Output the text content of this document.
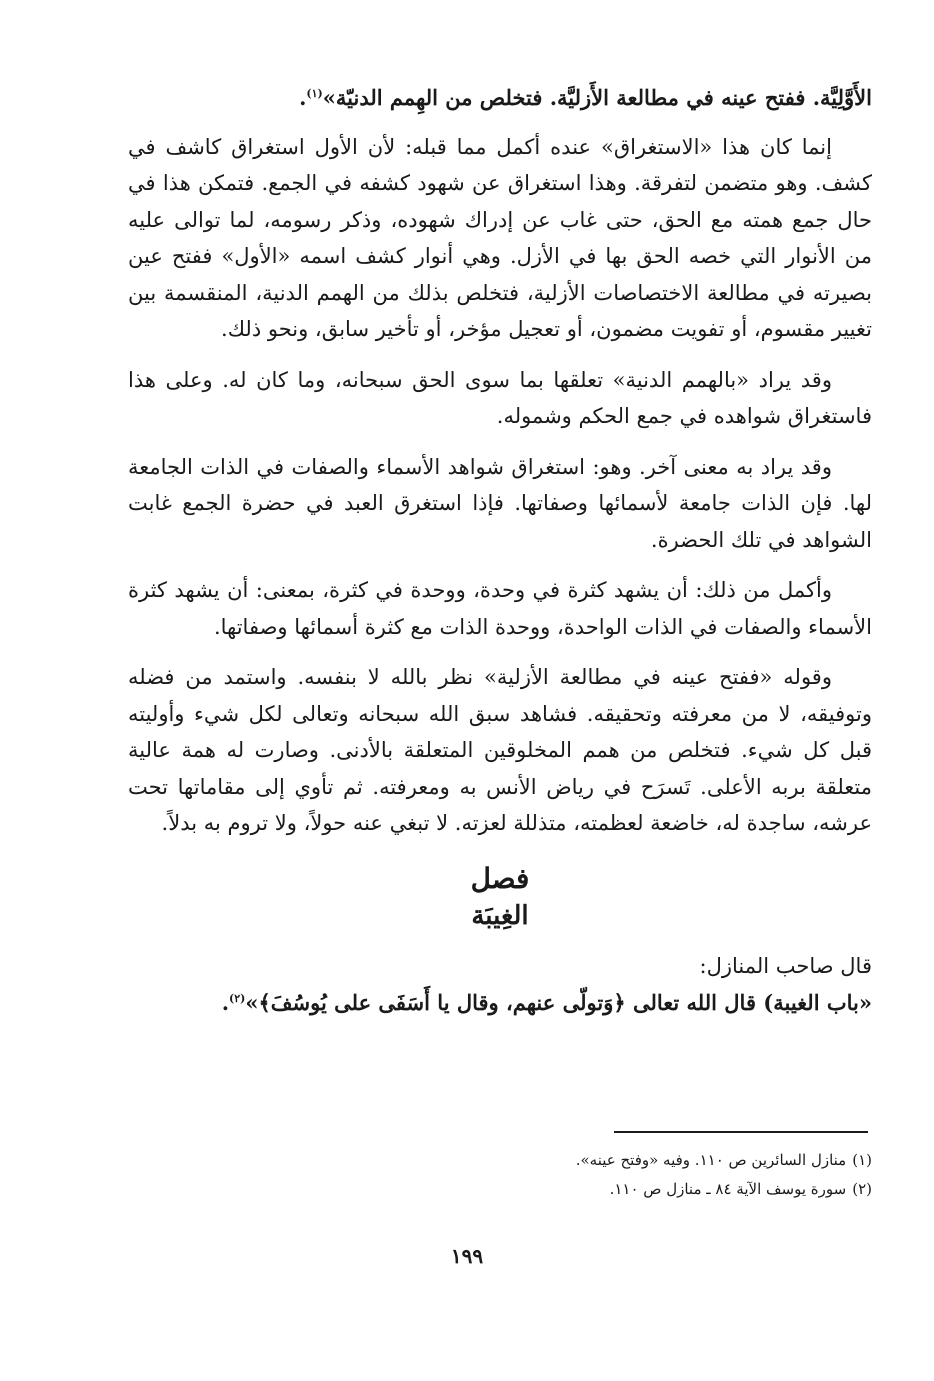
الأَوَّلِيَّة. ففتح عينه في مطالعة الأَزليَّة. فتخلص من الهِمم الدنيّة»$^{(١)}$.

إنما كان هذا «الاستغراق» عنده أكمل مما قبله: لأن الأول استغراق كاشف في كشف. وهو متضمن لتفرقة. وهذا استغراق عن شهود كشفه في الجمع. فتمكن هذا في حال جمع همته مع الحق، حتى غاب عن إدراك شهوده، وذكر رسومه، لما توالى عليه من الأنوار التي خصه الحق بها في الأزل. وهي أنوار كشف اسمه «الأول» ففتح عين بصيرته في مطالعة الاختصاصات الأزلية، فتخلص بذلك من الهمم الدنية، المنقسمة بين تغيير مقسوم، أو تفويت مضمون، أو تعجيل مؤخر، أو تأخير سابق، ونحو ذلك.

وقد يراد «بالهمم الدنية» تعلقها بما سوى الحق سبحانه، وما كان له. وعلى هذا فاستغراق شواهده في جمع الحكم وشموله.

وقد يراد به معنى آخر. وهو: استغراق شواهد الأسماء والصفات في الذات الجامعة لها. فإن الذات جامعة لأسمائها وصفاتها. فإذا استغرق العبد في حضرة الجمع غابت الشواهد في تلك الحضرة.

وأكمل من ذلك: أن يشهد كثرة في وحدة، ووحدة في كثرة، بمعنى: أن يشهد كثرة الأسماء والصفات في الذات الواحدة، ووحدة الذات مع كثرة أسمائها وصفاتها.

وقوله «ففتح عينه في مطالعة الأزلية» نظر بالله لا بنفسه. واستمد من فضله وتوفيقه، لا من معرفته وتحقيقه. فشاهد سبق الله سبحانه وتعالى لكل شيء وأوليته قبل كل شيء. فتخلص من همم المخلوقين المتعلقة بالأدنى. وصارت له همة عالية متعلقة بربه الأعلى. تَسرَح في رياض الأنس به ومعرفته. ثم تأوي إلى مقاماتها تحت عرشه، ساجدة له، خاضعة لعظمته، متذللة لعزته. لا تبغي عنه حولاً، ولا تروم به بدلاً.

فصل
الغِيبَة

قال صاحب المنازل:

«باب الغيبة) قال الله تعالى ﴿وَتولّى عنهم، وقال يا أَسَفَى على يُوسُفَ﴾»$^{(٢)}$.

(١)منازل السائرين ص ١١٠. وفيه «وفتح عينه».

(٢)سورة يوسف الآية ٨٤ ـ منازل ص ١١٠.

١٩٩
